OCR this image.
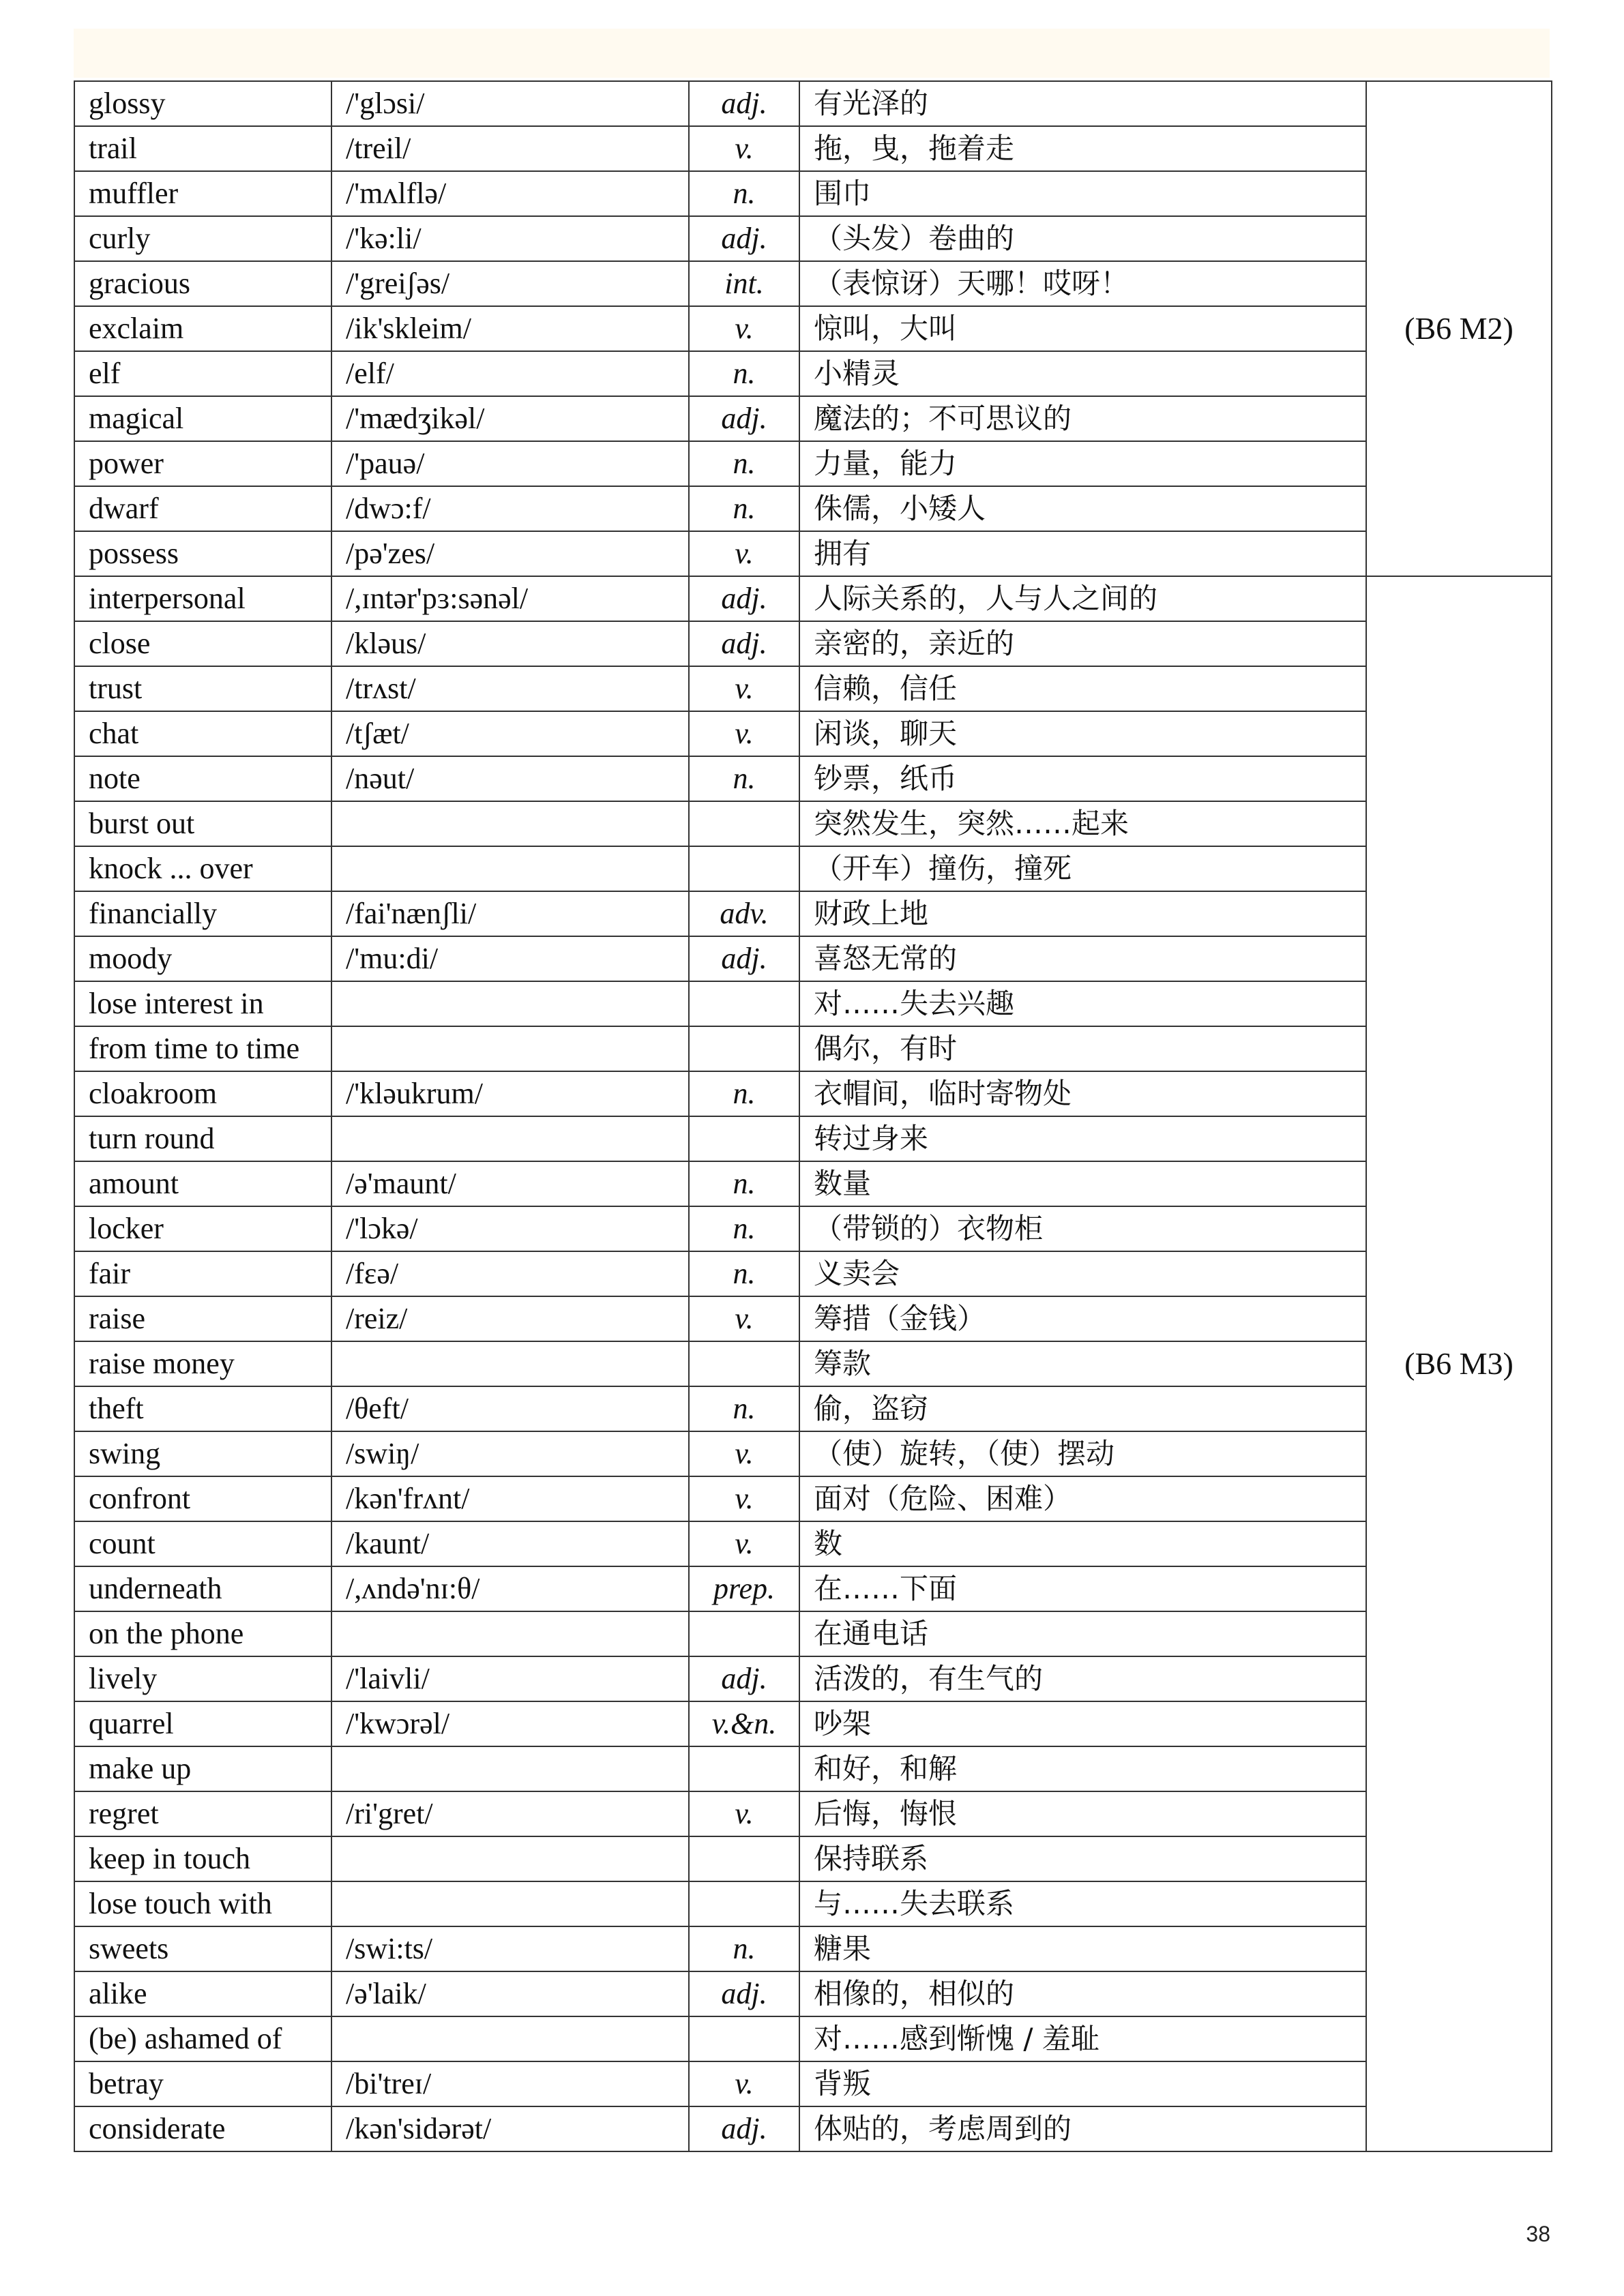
glossy	/'glɔsi/	adj.	有光泽的	(B6 M2)
trail	/treil/	v.	拖，曳，拖着走	
muffler	/'mʌlflə/	n.	围巾	
curly	/'kə:li/	adj.	（头发）卷曲的	
gracious	/'greiʃəs/	int.	（表惊讶）天哪！哎呀！	
exclaim	/ik'skleim/	v.	惊叫，大叫	
elf	/elf/	n.	小精灵	
magical	/'mædʒikəl/	adj.	魔法的；不可思议的	
power	/'pauə/	n.	力量，能力	
dwarf	/dwɔ:f/	n.	侏儒，小矮人	
possess	/pə'zes/	v.	拥有	
interpersonal	/,ɪntər'pɜ:sənəl/	adj.	人际关系的，人与人之间的	(B6 M3)
close	/kləus/	adj.	亲密的，亲近的	
trust	/trʌst/	v.	信赖，信任	
chat	/tʃæt/	v.	闲谈，聊天	
note	/nəut/	n.	钞票，纸币	
burst out			突然发生，突然……起来	
knock ... over			（开车）撞伤，撞死	
financially	/fai'nænʃli/	adv.	财政上地	
moody	/'mu:di/	adj.	喜怒无常的	
lose interest in			对……失去兴趣	
from time to time			偶尔，有时	
cloakroom	/'kləukrum/	n.	衣帽间，临时寄物处	
turn round			转过身来	
amount	/ə'maunt/	n.	数量	
locker	/'lɔkə/	n.	（带锁的）衣物柜	
fair	/fɛə/	n.	义卖会	
raise	/reiz/	v.	筹措（金钱）	
raise money			筹款	
theft	/θeft/	n.	偷，盗窃	
swing	/swiŋ/	v.	（使）旋转，（使）摆动	
confront	/kən'frʌnt/	v.	面对（危险、困难）	
count	/kaunt/	v.	数	
underneath	/,ʌndə'nɪ:θ/	prep.	在……下面	
on the phone			在通电话	
lively	/'laivli/	adj.	活泼的，有生气的	
quarrel	/'kwɔrəl/	v.&n.	吵架	
make up			和好，和解	
regret	/ri'gret/	v.	后悔，悔恨	
keep in touch			保持联系	
lose touch with			与……失去联系	
sweets	/swi:ts/	n.	糖果	
alike	/ə'laik/	adj.	相像的，相似的	
(be) ashamed of			对……感到惭愧 / 羞耻	
betray	/bi'treɪ/	v.	背叛	
considerate	/kən'sidərət/	adj.	体贴的，考虑周到的	
38
